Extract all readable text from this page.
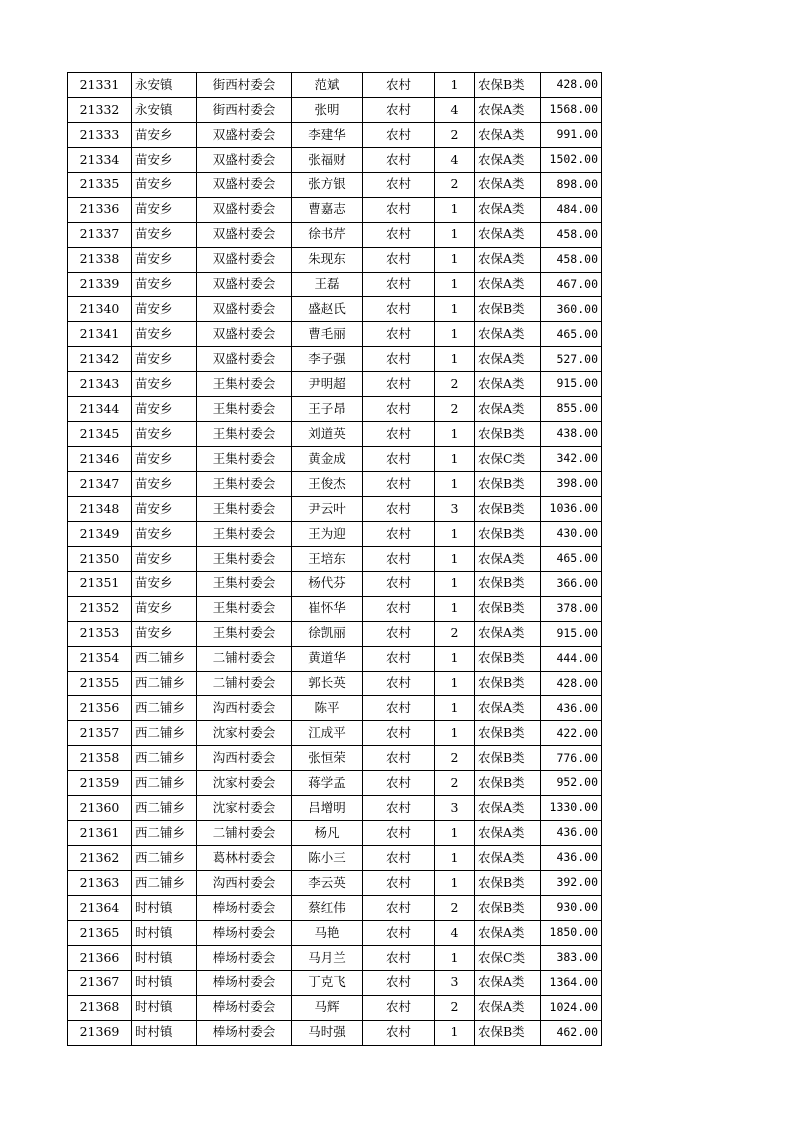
21331	永安镇	街西村委会	范斌	农村	1	农保B类	428.00
21332	永安镇	街西村委会	张明	农村	4	农保A类	1568.00
21333	苗安乡	双盛村委会	李建华	农村	2	农保A类	991.00
21334	苗安乡	双盛村委会	张福财	农村	4	农保A类	1502.00
21335	苗安乡	双盛村委会	张方银	农村	2	农保A类	898.00
21336	苗安乡	双盛村委会	曹嘉志	农村	1	农保A类	484.00
21337	苗安乡	双盛村委会	徐书芹	农村	1	农保A类	458.00
21338	苗安乡	双盛村委会	朱现东	农村	1	农保A类	458.00
21339	苗安乡	双盛村委会	王磊	农村	1	农保A类	467.00
21340	苗安乡	双盛村委会	盛赵氏	农村	1	农保B类	360.00
21341	苗安乡	双盛村委会	曹毛丽	农村	1	农保A类	465.00
21342	苗安乡	双盛村委会	李子强	农村	1	农保A类	527.00
21343	苗安乡	王集村委会	尹明超	农村	2	农保A类	915.00
21344	苗安乡	王集村委会	王子昂	农村	2	农保A类	855.00
21345	苗安乡	王集村委会	刘道英	农村	1	农保B类	438.00
21346	苗安乡	王集村委会	黄金成	农村	1	农保C类	342.00
21347	苗安乡	王集村委会	王俊杰	农村	1	农保B类	398.00
21348	苗安乡	王集村委会	尹云叶	农村	3	农保B类	1036.00
21349	苗安乡	王集村委会	王为迎	农村	1	农保B类	430.00
21350	苗安乡	王集村委会	王培东	农村	1	农保A类	465.00
21351	苗安乡	王集村委会	杨代芬	农村	1	农保B类	366.00
21352	苗安乡	王集村委会	崔怀华	农村	1	农保B类	378.00
21353	苗安乡	王集村委会	徐凯丽	农村	2	农保A类	915.00
21354	西二铺乡	二铺村委会	黄道华	农村	1	农保B类	444.00
21355	西二铺乡	二铺村委会	郭长英	农村	1	农保B类	428.00
21356	西二铺乡	沟西村委会	陈平	农村	1	农保A类	436.00
21357	西二铺乡	沈家村委会	江成平	农村	1	农保B类	422.00
21358	西二铺乡	沟西村委会	张恒荣	农村	2	农保B类	776.00
21359	西二铺乡	沈家村委会	蒋学孟	农村	2	农保B类	952.00
21360	西二铺乡	沈家村委会	吕增明	农村	3	农保A类	1330.00
21361	西二铺乡	二铺村委会	杨凡	农村	1	农保A类	436.00
21362	西二铺乡	葛林村委会	陈小三	农村	1	农保A类	436.00
21363	西二铺乡	沟西村委会	李云英	农村	1	农保B类	392.00
21364	时村镇	棒场村委会	蔡红伟	农村	2	农保B类	930.00
21365	时村镇	棒场村委会	马艳	农村	4	农保A类	1850.00
21366	时村镇	棒场村委会	马月兰	农村	1	农保C类	383.00
21367	时村镇	棒场村委会	丁克飞	农村	3	农保A类	1364.00
21368	时村镇	棒场村委会	马辉	农村	2	农保A类	1024.00
21369	时村镇	棒场村委会	马时强	农村	1	农保B类	462.00
